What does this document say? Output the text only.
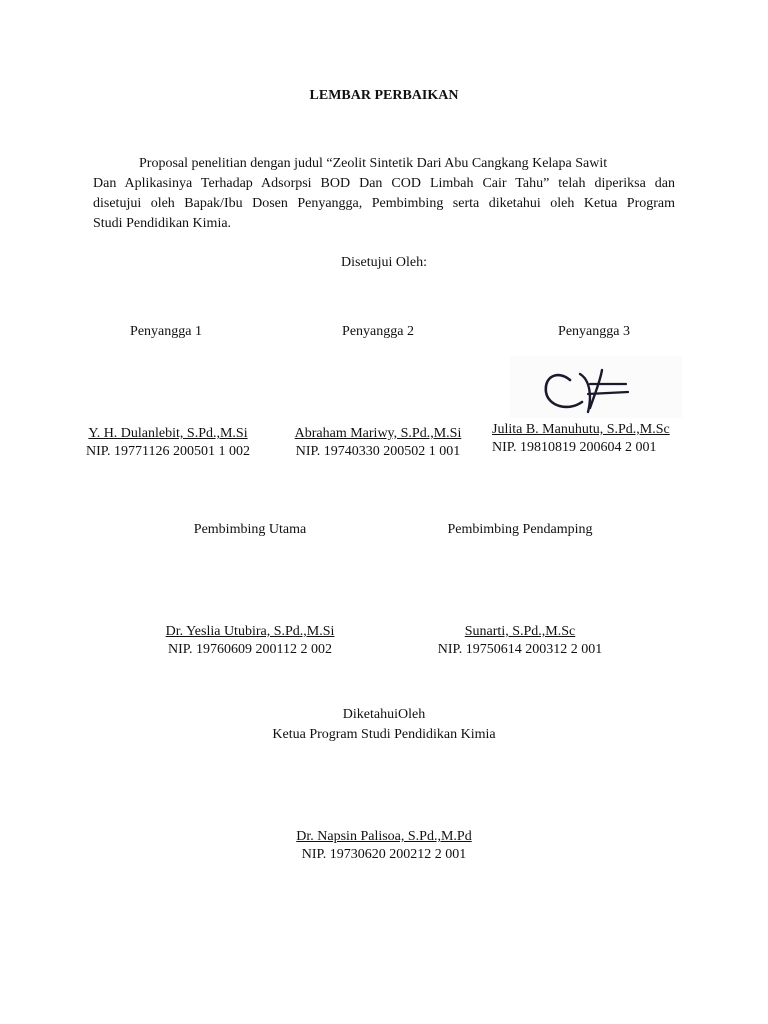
LEMBAR PERBAIKAN
Proposal penelitian dengan judul “Zeolit Sintetik Dari Abu Cangkang Kelapa Sawit
Dan Aplikasinya Terhadap Adsorpsi BOD Dan COD Limbah Cair Tahu” telah diperiksa dan
disetujui oleh Bapak/Ibu Dosen Penyangga, Pembimbing serta diketahui oleh Ketua Program
Studi Pendidikan Kimia.
Disetujui Oleh:
Penyangga 1	Penyangga 2	Penyangga 3
Y. H. Dulanlebit, S.Pd.,M.Si
NIP. 19771126 200501 1 002
Abraham Mariwy, S.Pd.,M.Si
NIP. 19740330 200502 1 001
Julita B. Manuhutu, S.Pd.,M.Sc
NIP. 19810819 200604 2 001
Pembimbing Utama	Pembimbing Pendamping
Dr. Yeslia Utubira, S.Pd.,M.Si
NIP. 19760609 200112 2 002
Sunarti, S.Pd.,M.Sc
NIP. 19750614 200312 2 001
DiketahuiOleh
Ketua Program Studi Pendidikan Kimia
Dr. Napsin Palisoa, S.Pd.,M.Pd
NIP. 19730620 200212 2 001
